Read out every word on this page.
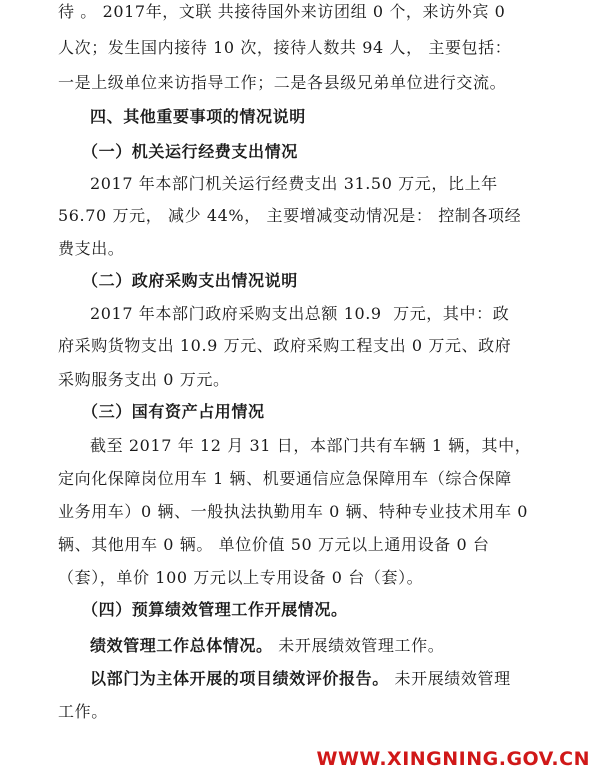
待 。 2017年，文联 共接待国外来访团组 0 个，来访外宾 0
人次；发生国内接待 10 次，接待人数共 94 人， 主要包括：
一是上级单位来访指导工作；二是各县级兄弟单位进行交流。
四、其他重要事项的情况说明
（一）机关运行经费支出情况
2017 年本部门机关运行经费支出 31.50 万元，比上年
56.70 万元， 减少 44%， 主要增减变动情况是： 控制各项经
费支出。
（二）政府采购支出情况说明
2017 年本部门政府采购支出总额 10.9  万元，其中：政
府采购货物支出 10.9 万元、政府采购工程支出 0 万元、政府
采购服务支出 0 万元。
（三）国有资产占用情况
截至 2017 年 12 月 31 日，本部门共有车辆 1 辆，其中，
定向化保障岗位用车 1 辆、机要通信应急保障用车（综合保障
业务用车）0 辆、一般执法执勤用车 0 辆、特种专业技术用车 0
辆、其他用车 0 辆。 单位价值 50 万元以上通用设备 0 台
（套），单价 100 万元以上专用设备 0 台（套）。
（四）预算绩效管理工作开展情况。
绩效管理工作总体情况。 未开展绩效管理工作。
以部门为主体开展的项目绩效评价报告。 未开展绩效管理
工作。
WWW.XINGNING.GOV.CN
